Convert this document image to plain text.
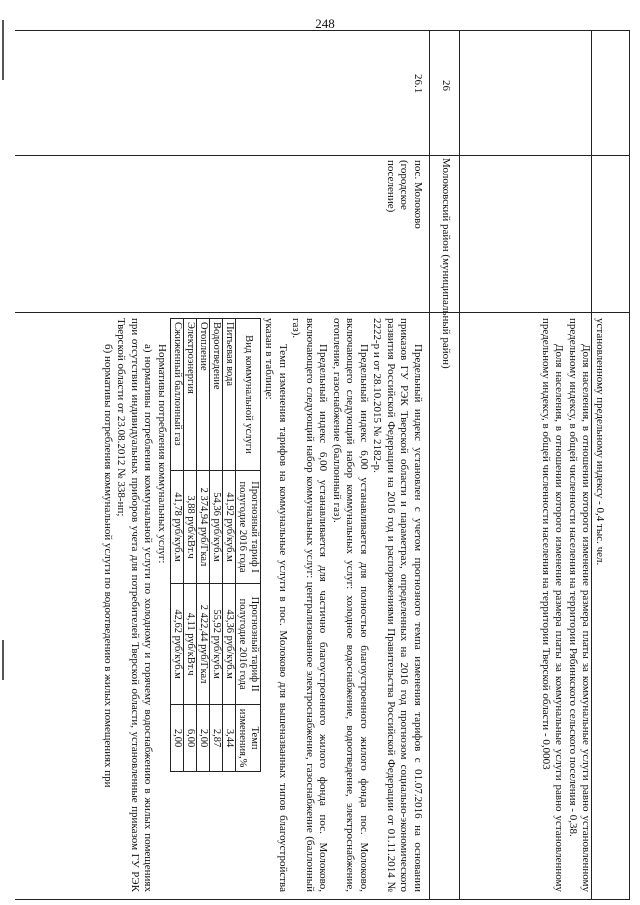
248

установленному предельному индексу - 0,4 тыс. чел.

Доля населения, в отношении которого изменение размера платы за коммунальные услуги равно установленному предельному индексу, в общей численности населения на территории Рябинкского сельского поселения - 0,38.

Доля населения, в отношении которого изменение размера платы за коммунальные услуги равно установленному предельному индексу, в общей численности населения на территории Тверской области - 0,0003

26
Молоковский район (муниципальный район)
26.1
пос. Молоково (городское поселение)

Предельный индекс установлен с учетом прогнозного темпа изменения тарифов с 01.07.2016 на основании приказов ГУ РЭК Тверской области и параметрах, определенных на 2016 год прогнозом социально-экономического развития Российской Федерации на 2016 год и распоряжениями Правительства Российской Федерации от 01.11.2014 № 2222-р и от 28.10.2015 № 2182-р.

Предельный индекс 6,00 устанавливается для полностью благоустроенного жилого фонда пос. Молоково, включающего следующий набор коммунальных услуг: холодное водоснабжение, водоотведение, электроснабжение, отопление, газоснабжение (баллонный газ).

Предельный индекс 6,00 устанавливается для частично благоустроенного жилого фонда пос. Молоково, включающего следующий набор коммунальных услуг: централизованное электроснабжение, газоснабжение (баллонный газ).

Темп изменения тарифов на коммунальные услуги в пос. Молоково для вышеназванных типов благоустройства указан в таблице:

Вид коммунальной услуги	Прогнозный тариф I полугодие 2016 года	Прогнозный тариф II полугодие 2016 года	Темп изменения,%
Питьевая вода	41,92 руб/куб.м	43,36 руб/куб.м	3,44
Водоотведение	54,36 руб/куб.м	55,92 руб/куб.м	2,87
Отопление	2 374,94 руб/Гкал	2 422,44 руб/Гкал	2,00
Электроэнергия	3,88 руб/кВт.ч	4,11 руб/кВт.ч	6,00
Сжиженный баллонный газ	41,78 руб/куб.м	42,62 руб/куб.м	2,00

Нормативы потребления коммунальных услуг:

а) нормативы потребления коммунальной услуги по холодному и горячему водоснабжению в жилых помещениях при отсутствии индивидуальных приборов учета для потребителей Тверской области, установленные приказом ГУ РЭК Тверской области от 23.08.2012 № 338-нп;

б) нормативы потребления коммунальной услуги по водоотведению в жилых помещениях при
